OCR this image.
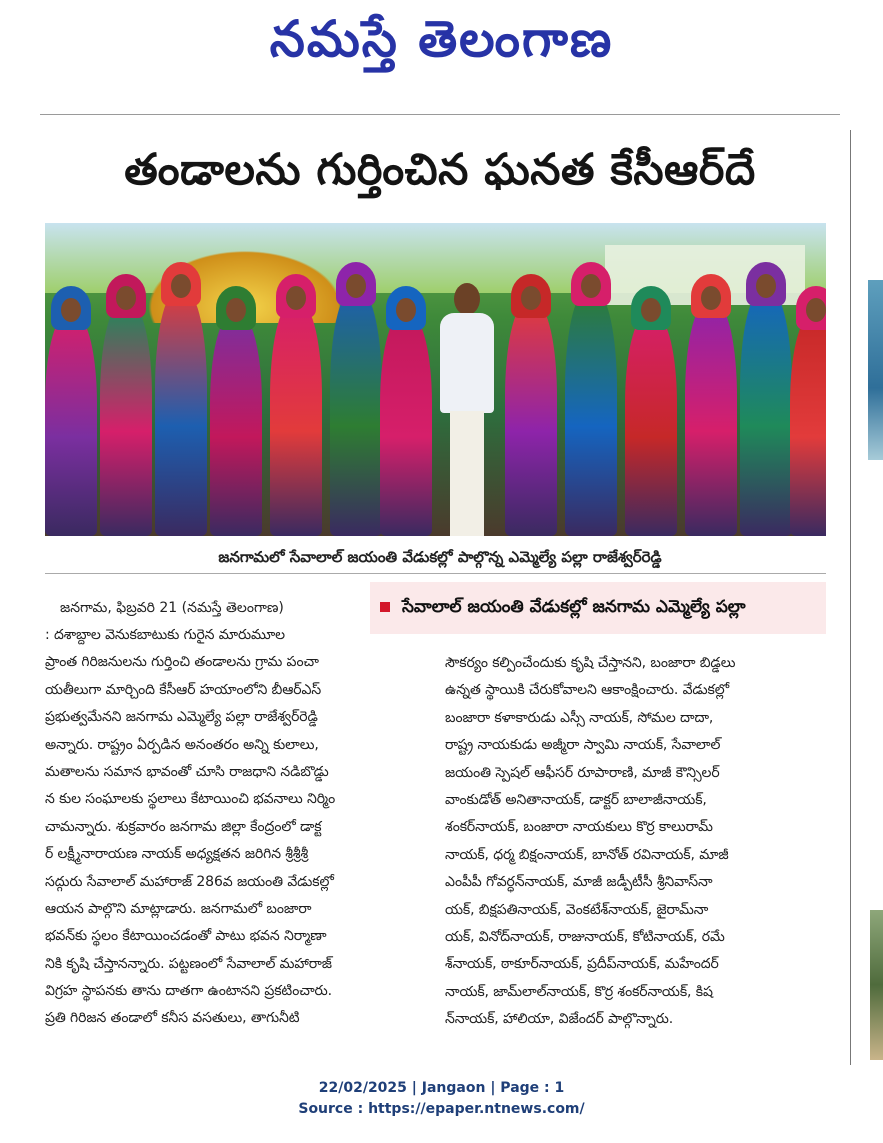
నమస్తే తెలంగాణ
తండాలను గుర్తించిన ఘనత కేసీఆర్‌దే

జనగామలో సేవాలాల్ జయంతి వేడుకల్లో పాల్గొన్న ఎమ్మెల్యే పల్లా రాజేశ్వర్‌రెడ్డి

సేవాలాల్ జయంతి వేడుకల్లో జనగామ ఎమ్మెల్యే పల్లా

జనగామ, ఫిబ్రవరి 21 (నమస్తే తెలంగాణ)

: దశాబ్దాల వెనుకబాటుకు గురైన మారుమూల
ప్రాంత గిరిజనులను గుర్తించి తండాలను గ్రామ పంచా
యతీలుగా మార్చింది కేసీఆర్ హయాంలోని బీఆర్‌ఎస్
ప్రభుత్వమేనని జనగామ ఎమ్మెల్యే పల్లా రాజేశ్వర్‌రెడ్డి
అన్నారు. రాష్ట్రం ఏర్పడిన అనంతరం అన్ని కులాలు,
మతాలను సమాన భావంతో చూసి రాజధాని నడిబొడ్డు
న కుల సంఘాలకు స్థలాలు కేటాయించి భవనాలు నిర్మిం
చామన్నారు. శుక్రవారం జనగామ జిల్లా కేంద్రంలో డాక్ట
ర్ లక్ష్మీనారాయణ నాయక్ అధ్యక్షతన జరిగిన శ్రీశ్రీశ్రీ
సద్గురు సేవాలాల్ మహారాజ్ 286వ జయంతి వేడుకల్లో
ఆయన పాల్గొని మాట్లాడారు. జనగామలో బంజారా
భవన్‌కు స్థలం కేటాయించడంతో పాటు భవన నిర్మాణా
నికి కృషి చేస్తానన్నారు. పట్టణంలో సేవాలాల్ మహారాజ్
విగ్రహ స్థాపనకు తాను దాతగా ఉంటానని ప్రకటించారు.
ప్రతి గిరిజన తండాలో కనీస వసతులు, తాగునీటి
సౌకర్యం కల్పించేందుకు కృషి చేస్తానని, బంజారా బిడ్డలు
ఉన్నత స్థాయికి చేరుకోవాలని ఆకాంక్షించారు. వేడుకల్లో
బంజారా కళాకారుడు ఎస్సీ నాయక్, సోమల దాదా,
రాష్ట్ర నాయకుడు అజ్మీరా స్వామి నాయక్, సేవాలాల్
జయంతి స్పెషల్ ఆఫీసర్ రూపారాణి, మాజీ కౌన్సిలర్
వాంకుడోత్ అనితానాయక్, డాక్టర్ బాలాజీనాయక్,
శంకర్‌నాయక్, బంజారా నాయకులు కొర్ర కాలురామ్
నాయక్, ధర్మ బిక్షంనాయక్, బానోత్ రవినాయక్, మాజీ
ఎంపీపీ గోవర్ధన్‌నాయక్, మాజీ జడ్పీటీసీ శ్రీనివాస్‌నా
యక్, బిక్షపతినాయక్, వెంకటేశ్‌నాయక్, జైరామ్‌నా
యక్, వినోద్‌నాయక్, రాజునాయక్, కోటినాయక్, రమే
శ్‌నాయక్, ఠాకూర్‌నాయక్, ప్రదీప్‌నాయక్, మహేందర్
నాయక్, జామ్‌లాల్‌నాయక్, కొర్ర శంకర్‌నాయక్, కిష
న్‌నాయక్, హాలియా, విజేందర్ పాల్గొన్నారు.
22/02/2025 | Jangaon | Page : 1
Source : https://epaper.ntnews.com/
